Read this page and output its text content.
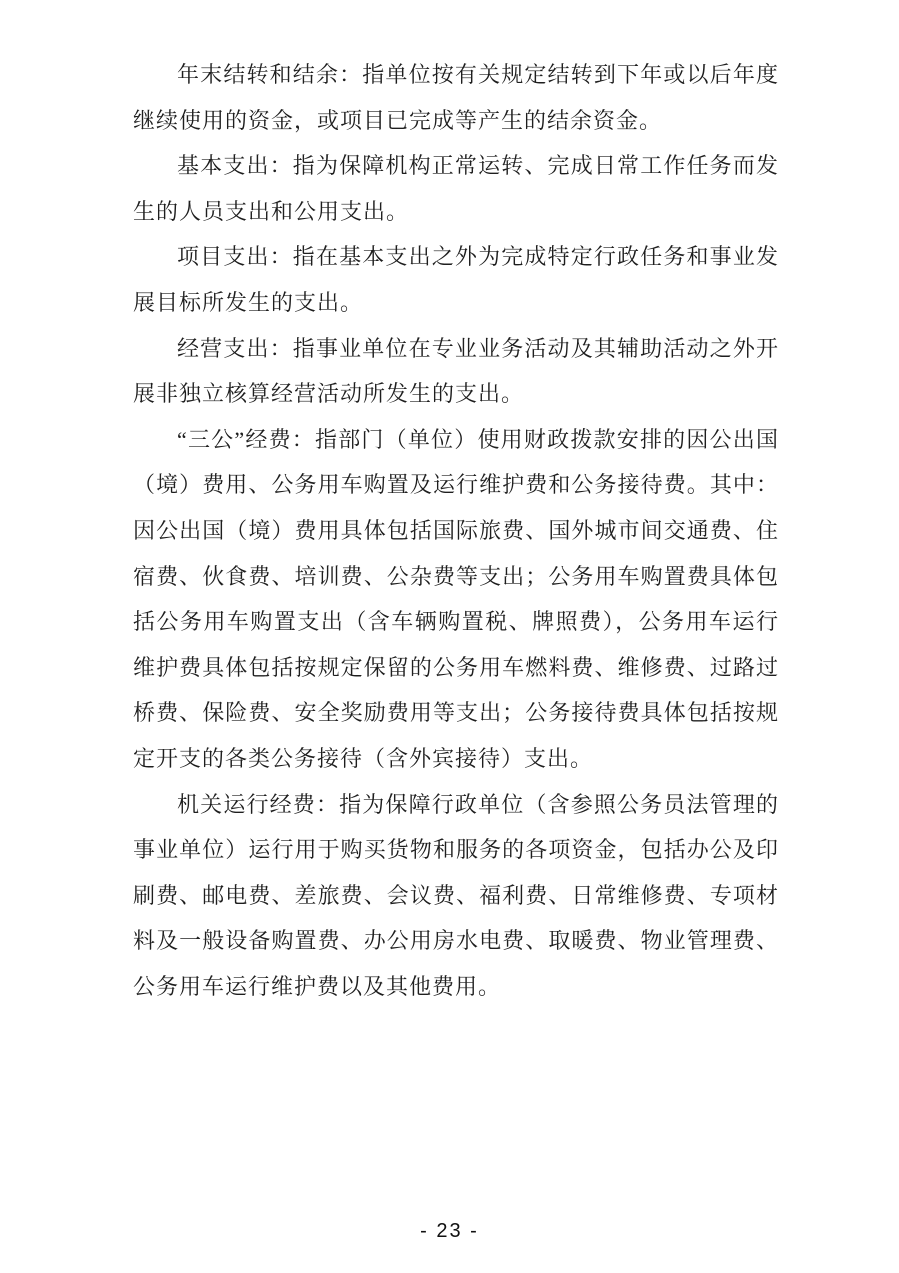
年末结转和结余：指单位按有关规定结转到下年或以后年度继续使用的资金，或项目已完成等产生的结余资金。

基本支出：指为保障机构正常运转、完成日常工作任务而发生的人员支出和公用支出。

项目支出：指在基本支出之外为完成特定行政任务和事业发展目标所发生的支出。

经营支出：指事业单位在专业业务活动及其辅助活动之外开展非独立核算经营活动所发生的支出。

“三公”经费：指部门（单位）使用财政拨款安排的因公出国（境）费用、公务用车购置及运行维护费和公务接待费。其中：因公出国（境）费用具体包括国际旅费、国外城市间交通费、住宿费、伙食费、培训费、公杂费等支出；公务用车购置费具体包括公务用车购置支出（含车辆购置税、牌照费），公务用车运行维护费具体包括按规定保留的公务用车燃料费、维修费、过路过桥费、保险费、安全奖励费用等支出；公务接待费具体包括按规定开支的各类公务接待（含外宾接待）支出。

机关运行经费：指为保障行政单位（含参照公务员法管理的事业单位）运行用于购买货物和服务的各项资金，包括办公及印刷费、邮电费、差旅费、会议费、福利费、日常维修费、专项材料及一般设备购置费、办公用房水电费、取暖费、物业管理费、公务用车运行维护费以及其他费用。

- 23 -
